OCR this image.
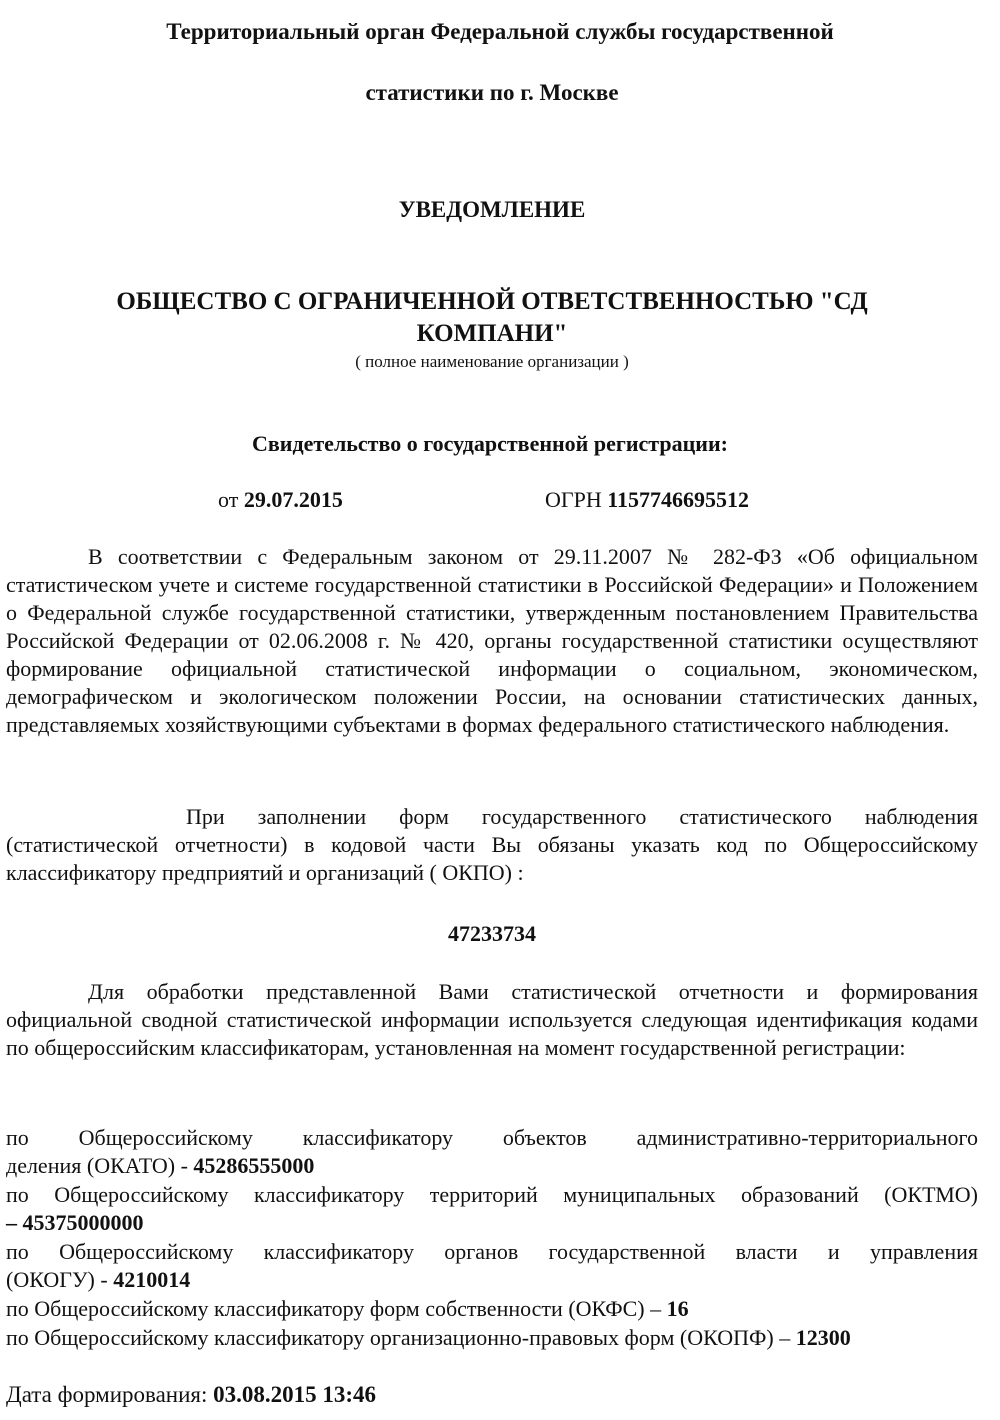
Территориальный орган Федеральной службы государственной
статистики по г. Москве
УВЕДОМЛЕНИЕ
ОБЩЕСТВО С ОГРАНИЧЕННОЙ ОТВЕТСТВЕННОСТЬЮ "СД
КОМПАНИ"
( полное наименование организации )
Свидетельство о государственной регистрации:
от 29.07.2015	ОГРН 1157746695512
В соответствии с Федеральным законом от 29.11.2007 № 282-ФЗ «Об официальном статистическом учете и системе государственной статистики в Российской Федерации» и Положением о Федеральной службе государственной статистики, утвержденным постановлением Правительства Российской Федерации от 02.06.2008 г. № 420, органы государственной статистики осуществляют формирование официальной статистической информации о социальном, экономическом, демографическом и экологическом положении России, на основании статистических данных, представляемых хозяйствующими субъектами в формах федерального статистического наблюдения.
При заполнении форм государственного статистического наблюдения (статистической отчетности) в кодовой части Вы обязаны указать код по Общероссийскому классификатору предприятий и организаций ( ОКПО) :
47233734
Для обработки представленной Вами статистической отчетности и формирования официальной сводной статистической информации используется следующая идентификация кодами по общероссийским классификаторам, установленная на момент государственной регистрации:
по Общероссийскому классификатору объектов административно-территориального
деления (ОКАТО) - 45286555000
по Общероссийскому классификатору территорий муниципальных образований (ОКТМО)
– 45375000000
по Общероссийскому классификатору органов государственной власти и управления
(ОКОГУ) - 4210014
по Общероссийскому классификатору форм собственности (ОКФС) – 16
по Общероссийскому классификатору организационно-правовых форм (ОКОПФ) – 12300
Дата формирования: 03.08.2015 13:46
